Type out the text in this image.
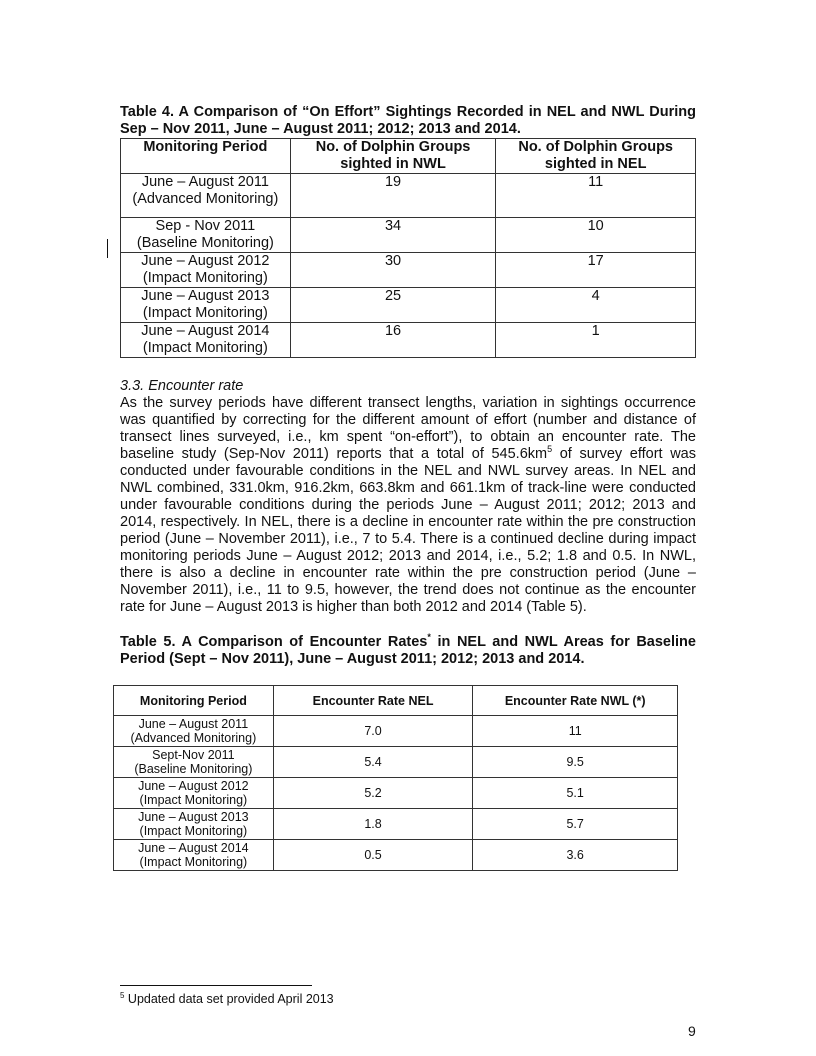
Table 4. A Comparison of “On Effort” Sightings Recorded in NEL and NWL During Sep – Nov 2011, June – August 2011; 2012; 2013 and 2014.
Monitoring Period	No. of Dolphin Groups sighted in NWL	No. of Dolphin Groups sighted in NEL

June – August 2011
(Advanced Monitoring)	19	11

Sep - Nov 2011
(Baseline Monitoring)	34	10

June – August 2012
(Impact Monitoring)	30	17

June – August 2013
(Impact Monitoring)	25	4

June – August 2014
(Impact Monitoring)	16	1
3.3. Encounter rate
As the survey periods have different transect lengths, variation in sightings occurrence was quantified by correcting for the different amount of effort (number and distance of transect lines surveyed, i.e., km spent “on-effort”), to obtain an encounter rate. The baseline study (Sep-Nov 2011) reports that a total of $545.6km^5$ of survey effort was conducted under favourable conditions in the NEL and NWL survey areas. In NEL and NWL combined, 331.0km, 916.2km, 663.8km and 661.1km of track-line were conducted under favourable conditions during the periods June – August 2011; 2012; 2013 and 2014, respectively. In NEL, there is a decline in encounter rate within the pre construction period (June – November 2011), i.e., 7 to 5.4. There is a continued decline during impact monitoring periods June – August 2012; 2013 and 2014, i.e., 5.2; 1.8 and 0.5. In NWL, there is also a decline in encounter rate within the pre construction period (June – November 2011), i.e., 11 to 9.5, however, the trend does not continue as the encounter rate for June – August 2013 is higher than both 2012 and 2014 (Table 5).
Table 5. A Comparison of Encounter Rates* in NEL and NWL Areas for Baseline Period (Sept – Nov 2011), June – August 2011; 2012; 2013 and 2014.
Monitoring Period	Encounter Rate NEL	Encounter Rate NWL (*)

June – August 2011
(Advanced Monitoring)	7.0	11

Sept-Nov 2011
(Baseline Monitoring)	5.4	9.5

June – August 2012
(Impact Monitoring)	5.2	5.1

June – August 2013
(Impact Monitoring)	1.8	5.7

June – August 2014
(Impact Monitoring)	0.5	3.6
$^5$ Updated data set provided April 2013
9
